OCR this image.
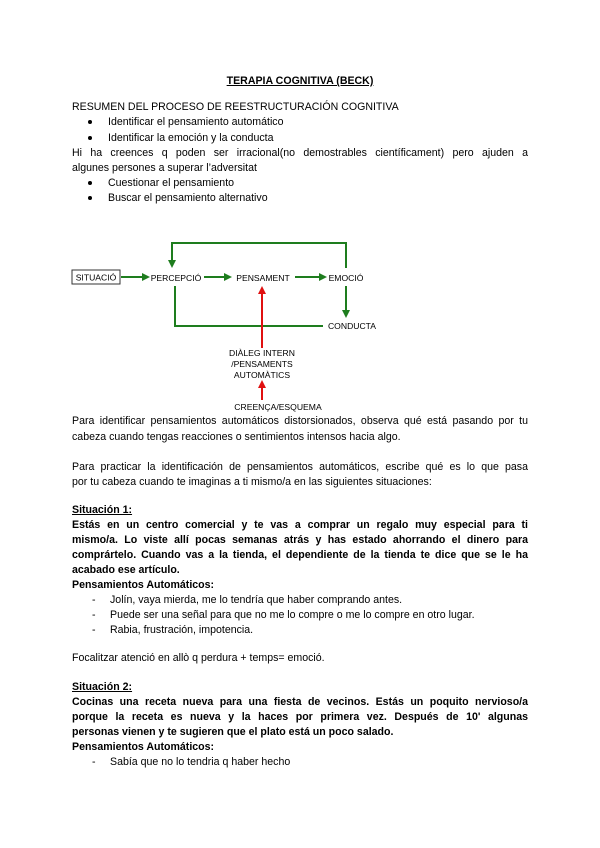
TERAPIA COGNITIVA (BECK)
RESUMEN DEL PROCESO DE REESTRUCTURACIÓN COGNITIVA
Identificar el pensamiento automático
Identificar la emoción y la conducta
Hi ha creences q poden ser irracional(no demostrables científicament) pero ajuden a
algunes persones a superar l’adversitat
Cuestionar el pensamiento
Buscar el pensamiento alternativo
SITUACIÓ	PERCEPCIÓ	PENSAMENT	EMOCIÓ
CONDUCTA
DIÀLEG INTERN
/PENSAMENTS
AUTOMÀTICS
CREENÇA/ESQUEMA
Para identificar pensamientos automáticos distorsionados, observa qué está pasando por tu
cabeza cuando tengas reacciones o sentimientos intensos hacia algo.
Para practicar la identificación de pensamientos automáticos, escribe qué es lo que pasa
por tu cabeza cuando te imaginas a ti mismo/a en las siguientes situaciones:
Situación 1:
Estás en un centro comercial y te vas a comprar un regalo muy especial para ti
mismo/a. Lo viste allí pocas semanas atrás y has estado ahorrando el dinero para
comprártelo. Cuando vas a la tienda, el dependiente de la tienda te dice que se le ha
acabado ese artículo.
Pensamientos Automáticos:
- Jolín, vaya mierda, me lo tendría que haber comprando antes.
- Puede ser una señal para que no me lo compre o me lo compre en otro lugar.
- Rabia, frustración, impotencia.
Focalitzar atenció en allò q perdura + temps= emoció.
Situación 2:
Cocinas una receta nueva para una fiesta de vecinos. Estás un poquito nervioso/a
porque la receta es nueva y la haces por primera vez. Después de 10' algunas
personas vienen y te sugieren que el plato está un poco salado.
Pensamientos Automáticos:
- Sabía que no lo tendria q haber hecho
